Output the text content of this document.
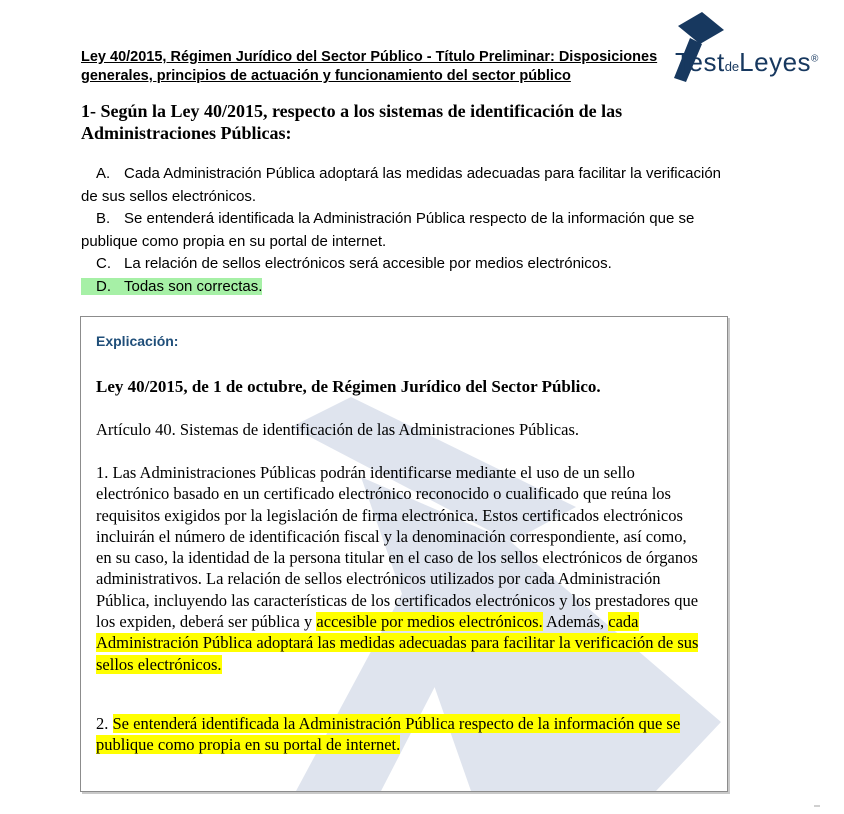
Ley 40/2015, Régimen Jurídico del Sector Público - Título Preliminar: Disposiciones generales, principios de actuación y funcionamiento del sector público	TestdeLeyes®
1- Según la Ley 40/2015, respecto a los sistemas de identificación de las Administraciones Públicas:

A. Cada Administración Pública adoptará las medidas adecuadas para facilitar la verificación de sus sellos electrónicos.

B. Se entenderá identificada la Administración Pública respecto de la información que se publique como propia en su portal de internet.

C. La relación de sellos electrónicos será accesible por medios electrónicos.

D. Todas son correctas.

Explicación:
Ley 40/2015, de 1 de octubre, de Régimen Jurídico del Sector Público.
Artículo 40. Sistemas de identificación de las Administraciones Públicas.
1. Las Administraciones Públicas podrán identificarse mediante el uso de un sello electrónico basado en un certificado electrónico reconocido o cualificado que reúna los requisitos exigidos por la legislación de firma electrónica. Estos certificados electrónicos incluirán el número de identificación fiscal y la denominación correspondiente, así como, en su caso, la identidad de la persona titular en el caso de los sellos electrónicos de órganos administrativos. La relación de sellos electrónicos utilizados por cada Administración Pública, incluyendo las características de los certificados electrónicos y los prestadores que los expiden, deberá ser pública y accesible por medios electrónicos. Además, cada Administración Pública adoptará las medidas adecuadas para facilitar la verificación de sus sellos electrónicos.
2. Se entenderá identificada la Administración Pública respecto de la información que se publique como propia en su portal de internet.
